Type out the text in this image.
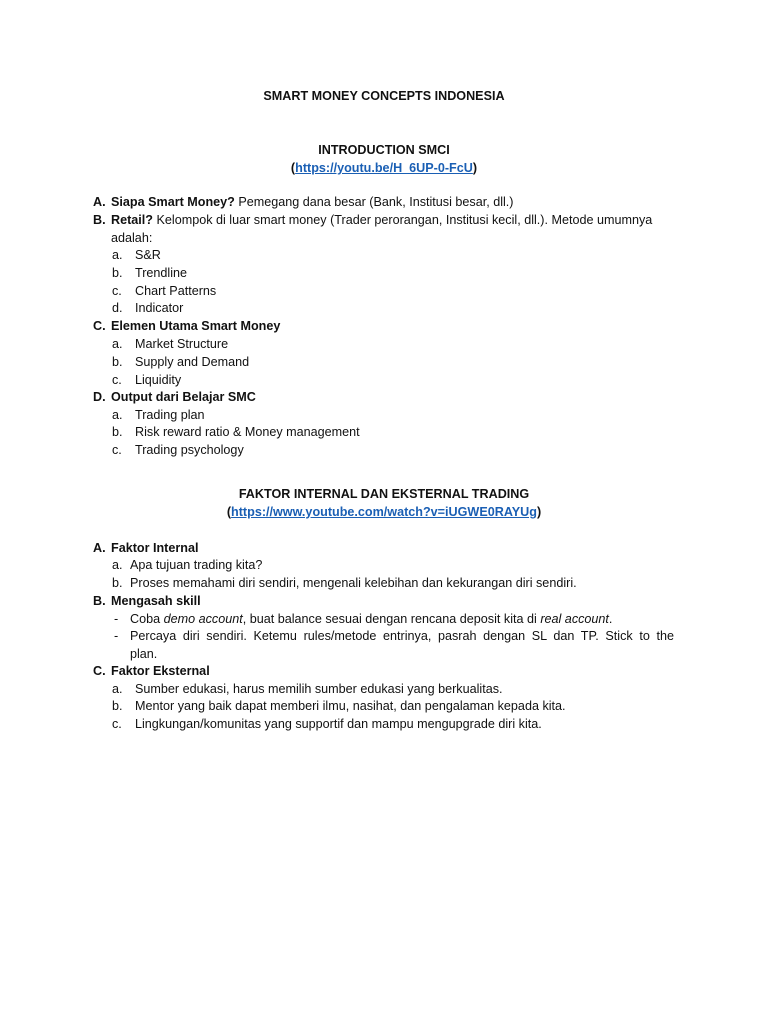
SMART MONEY CONCEPTS INDONESIA
INTRODUCTION SMCI
(https://youtu.be/H_6UP-0-FcU)
A. Siapa Smart Money? Pemegang dana besar (Bank, Institusi besar, dll.)
B. Retail? Kelompok di luar smart money (Trader perorangan, Institusi kecil, dll.). Metode umumnya
adalah:
a. S&R
b. Trendline
c. Chart Patterns
d. Indicator
C. Elemen Utama Smart Money
a. Market Structure
b. Supply and Demand
c. Liquidity
D. Output dari Belajar SMC
a. Trading plan
b. Risk reward ratio & Money management
c. Trading psychology
FAKTOR INTERNAL DAN EKSTERNAL TRADING
(https://www.youtube.com/watch?v=iUGWE0RAYUg)
A. Faktor Internal
a. Apa tujuan trading kita?
b. Proses memahami diri sendiri, mengenali kelebihan dan kekurangan diri sendiri.
B. Mengasah skill
- Coba demo account, buat balance sesuai dengan rencana deposit kita di real account.
- Percaya diri sendiri. Ketemu rules/metode entrinya, pasrah dengan SL dan TP. Stick to the
plan.
C. Faktor Eksternal
a. Sumber edukasi, harus memilih sumber edukasi yang berkualitas.
b. Mentor yang baik dapat memberi ilmu, nasihat, dan pengalaman kepada kita.
c. Lingkungan/komunitas yang supportif dan mampu mengupgrade diri kita.
